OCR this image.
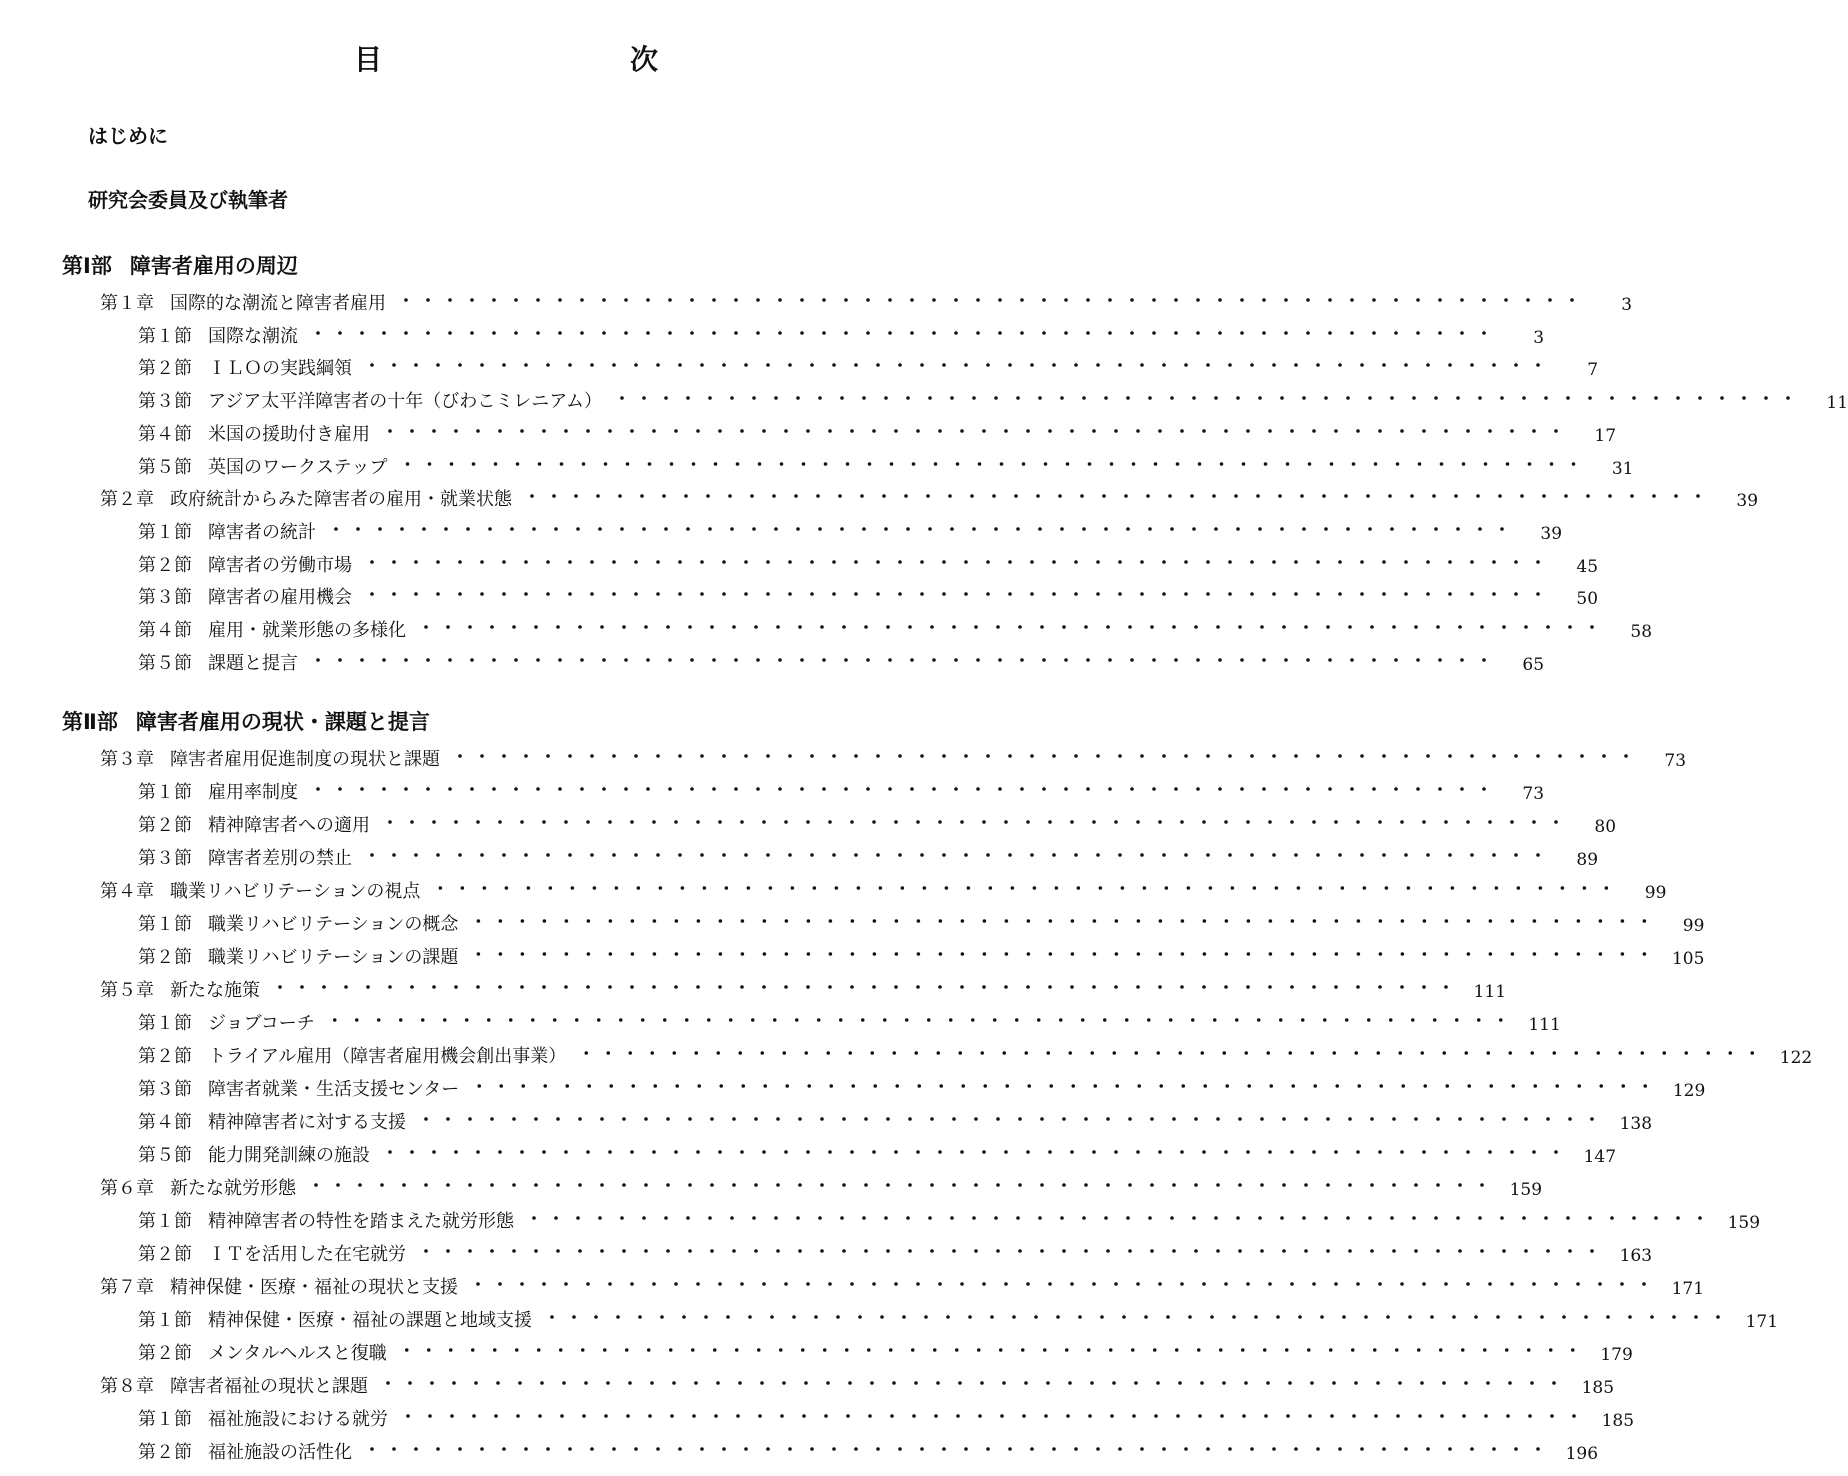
目　次
はじめに
研究会委員及び執筆者
第Ⅰ部 障害者雇用の周辺
第１章 国際的な潮流と障害者雇用 ・・・・・・・・・・・・・・・・・・・・・・・・・・・・・・・・・・・・・・・・・・・・・・・・・・・・・・	3
第１節 国際な潮流 ・・・・・・・・・・・・・・・・・・・・・・・・・・・・・・・・・・・・・・・・・・・・・・・・・・・・・・	3
第２節 ＩＬＯの実践綱領 ・・・・・・・・・・・・・・・・・・・・・・・・・・・・・・・・・・・・・・・・・・・・・・・・・・・・・・	7
第３節 アジア太平洋障害者の十年（びわこミレニアム） ・・・・・・・・・・・・・・・・・・・・・・・・・・・・・・・・・・・・・・・・・・・・・・・・・・・・・・	11
第４節 米国の援助付き雇用 ・・・・・・・・・・・・・・・・・・・・・・・・・・・・・・・・・・・・・・・・・・・・・・・・・・・・・・	17
第５節 英国のワークステップ ・・・・・・・・・・・・・・・・・・・・・・・・・・・・・・・・・・・・・・・・・・・・・・・・・・・・・・	31
第２章 政府統計からみた障害者の雇用・就業状態 ・・・・・・・・・・・・・・・・・・・・・・・・・・・・・・・・・・・・・・・・・・・・・・・・・・・・・・	39
第１節 障害者の統計 ・・・・・・・・・・・・・・・・・・・・・・・・・・・・・・・・・・・・・・・・・・・・・・・・・・・・・・	39
第２節 障害者の労働市場 ・・・・・・・・・・・・・・・・・・・・・・・・・・・・・・・・・・・・・・・・・・・・・・・・・・・・・・	45
第３節 障害者の雇用機会 ・・・・・・・・・・・・・・・・・・・・・・・・・・・・・・・・・・・・・・・・・・・・・・・・・・・・・・	50
第４節 雇用・就業形態の多様化 ・・・・・・・・・・・・・・・・・・・・・・・・・・・・・・・・・・・・・・・・・・・・・・・・・・・・・・	58
第５節 課題と提言 ・・・・・・・・・・・・・・・・・・・・・・・・・・・・・・・・・・・・・・・・・・・・・・・・・・・・・・	65
第Ⅱ部 障害者雇用の現状・課題と提言
第３章 障害者雇用促進制度の現状と課題 ・・・・・・・・・・・・・・・・・・・・・・・・・・・・・・・・・・・・・・・・・・・・・・・・・・・・・・	73
第１節 雇用率制度 ・・・・・・・・・・・・・・・・・・・・・・・・・・・・・・・・・・・・・・・・・・・・・・・・・・・・・・	73
第２節 精神障害者への適用 ・・・・・・・・・・・・・・・・・・・・・・・・・・・・・・・・・・・・・・・・・・・・・・・・・・・・・・	80
第３節 障害者差別の禁止 ・・・・・・・・・・・・・・・・・・・・・・・・・・・・・・・・・・・・・・・・・・・・・・・・・・・・・・	89
第４章 職業リハビリテーションの視点 ・・・・・・・・・・・・・・・・・・・・・・・・・・・・・・・・・・・・・・・・・・・・・・・・・・・・・・	99
第１節 職業リハビリテーションの概念 ・・・・・・・・・・・・・・・・・・・・・・・・・・・・・・・・・・・・・・・・・・・・・・・・・・・・・・	99
第２節 職業リハビリテーションの課題 ・・・・・・・・・・・・・・・・・・・・・・・・・・・・・・・・・・・・・・・・・・・・・・・・・・・・・・ 105
第５章 新たな施策 ・・・・・・・・・・・・・・・・・・・・・・・・・・・・・・・・・・・・・・・・・・・・・・・・・・・・・・ 111
第１節 ジョブコーチ ・・・・・・・・・・・・・・・・・・・・・・・・・・・・・・・・・・・・・・・・・・・・・・・・・・・・・・ 111
第２節 トライアル雇用（障害者雇用機会創出事業） ・・・・・・・・・・・・・・・・・・・・・・・・・・・・・・・・・・・・・・・・・・・・・・・・・・・・・・ 122
第３節 障害者就業・生活支援センター ・・・・・・・・・・・・・・・・・・・・・・・・・・・・・・・・・・・・・・・・・・・・・・・・・・・・・・ 129
第４節 精神障害者に対する支援 ・・・・・・・・・・・・・・・・・・・・・・・・・・・・・・・・・・・・・・・・・・・・・・・・・・・・・・ 138
第５節 能力開発訓練の施設 ・・・・・・・・・・・・・・・・・・・・・・・・・・・・・・・・・・・・・・・・・・・・・・・・・・・・・・ 147
第６章 新たな就労形態 ・・・・・・・・・・・・・・・・・・・・・・・・・・・・・・・・・・・・・・・・・・・・・・・・・・・・・・ 159
第１節 精神障害者の特性を踏まえた就労形態 ・・・・・・・・・・・・・・・・・・・・・・・・・・・・・・・・・・・・・・・・・・・・・・・・・・・・・・ 159
第２節 ＩＴを活用した在宅就労 ・・・・・・・・・・・・・・・・・・・・・・・・・・・・・・・・・・・・・・・・・・・・・・・・・・・・・・ 163
第７章 精神保健・医療・福祉の現状と支援 ・・・・・・・・・・・・・・・・・・・・・・・・・・・・・・・・・・・・・・・・・・・・・・・・・・・・・・ 171
第１節 精神保健・医療・福祉の課題と地域支援 ・・・・・・・・・・・・・・・・・・・・・・・・・・・・・・・・・・・・・・・・・・・・・・・・・・・・・・ 171
第２節 メンタルヘルスと復職 ・・・・・・・・・・・・・・・・・・・・・・・・・・・・・・・・・・・・・・・・・・・・・・・・・・・・・・ 179
第８章 障害者福祉の現状と課題 ・・・・・・・・・・・・・・・・・・・・・・・・・・・・・・・・・・・・・・・・・・・・・・・・・・・・・・ 185
第１節 福祉施設における就労 ・・・・・・・・・・・・・・・・・・・・・・・・・・・・・・・・・・・・・・・・・・・・・・・・・・・・・・ 185
第２節 福祉施設の活性化 ・・・・・・・・・・・・・・・・・・・・・・・・・・・・・・・・・・・・・・・・・・・・・・・・・・・・・・ 196
